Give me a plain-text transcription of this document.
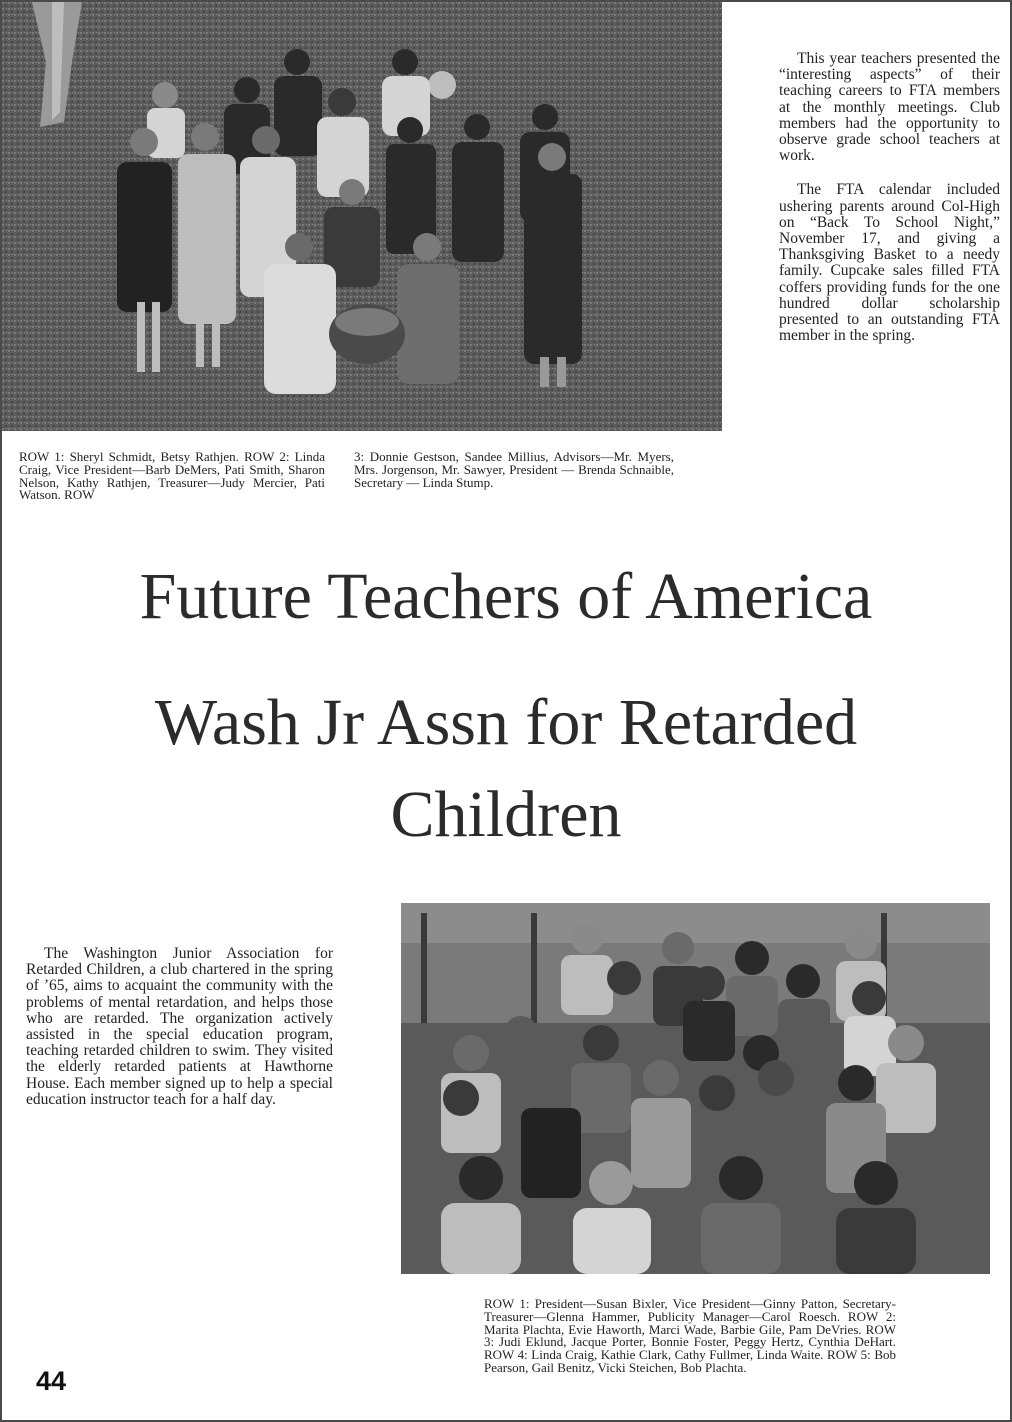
This year teachers presented the “interesting aspects” of their teaching careers to FTA members at the monthly meetings. Club members had the opportunity to observe grade school teachers at work.

The FTA calendar included ushering parents around Col-High on “Back To School Night,” November 17, and giving a Thanksgiving Basket to a needy family. Cupcake sales filled FTA coffers providing funds for the one hundred dollar scholarship presented to an outstanding FTA member in the spring.

ROW 1: Sheryl Schmidt, Betsy Rathjen. ROW 2: Linda Craig, Vice President—Barb DeMers, Pati Smith, Sharon Nelson, Kathy Rathjen, Treasurer—Judy Mercier, Pati Watson. ROW
3: Donnie Gestson, Sandee Millius, Advisors—Mr. Myers, Mrs. Jorgenson, Mr. Sawyer, President — Brenda Schnaible, Secretary — Linda Stump.
Future Teachers of America
Wash Jr Assn for Retarded
Children

The Washington Junior Association for Retarded Children, a club chartered in the spring of ’65, aims to acquaint the community with the problems of mental retardation, and helps those who are retarded. The organization actively assisted in the special education program, teaching retarded children to swim. They visited the elderly retarded patients at Hawthorne House. Each member signed up to help a special education instructor teach for a half day.

ROW 1: President—Susan Bixler, Vice President—Ginny Patton, Secretary-Treasurer—Glenna Hammer, Publicity Manager—Carol Roesch. ROW 2: Marita Plachta, Evie Haworth, Marci Wade, Barbie Gile, Pam DeVries. ROW 3: Judi Eklund, Jacque Porter, Bonnie Foster, Peggy Hertz, Cynthia DeHart. ROW 4: Linda Craig, Kathie Clark, Cathy Fullmer, Linda Waite. ROW 5: Bob Pearson, Gail Benitz, Vicki Steichen, Bob Plachta.
44
